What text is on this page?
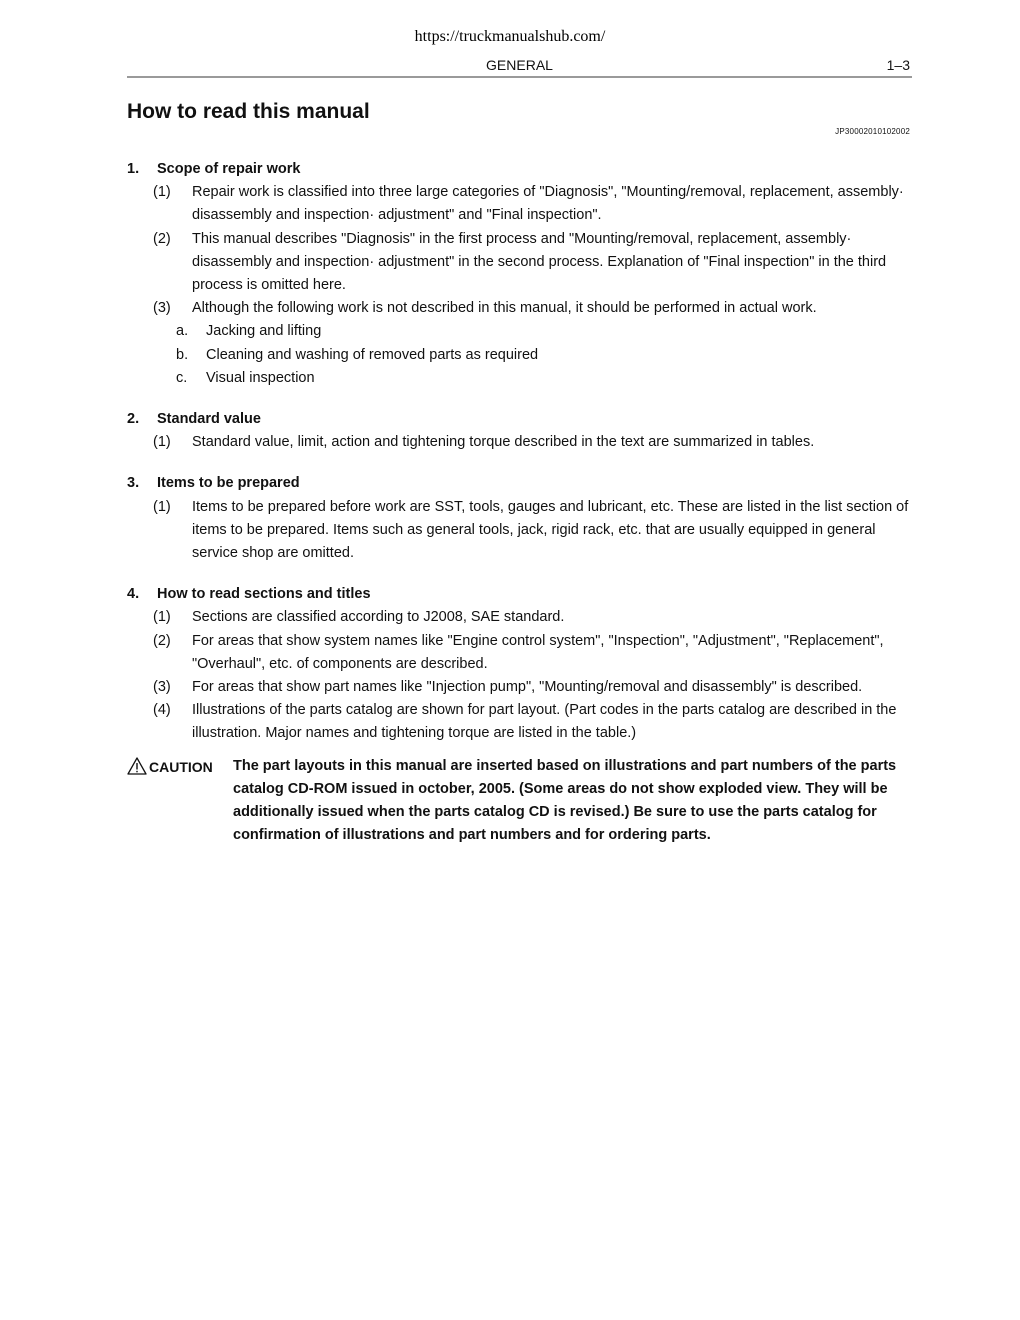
https://truckmanualshub.com/
GENERAL	1–3
How to read this manual
JP30002010102002
1.	Scope of repair work
(1)	Repair work is classified into three large categories of "Diagnosis", "Mounting/removal, replacement, assembly· disassembly and inspection· adjustment" and "Final inspection".
(2)	This manual describes "Diagnosis" in the first process and "Mounting/removal, replacement, assembly· disassembly and inspection· adjustment" in the second process. Explanation of "Final inspection" in the third process is omitted here.
(3)	Although the following work is not described in this manual, it should be performed in actual work.
a.	Jacking and lifting
b.	Cleaning and washing of removed parts as required
c.	Visual inspection
2.	Standard value
(1)	Standard value, limit, action and tightening torque described in the text are summarized in tables.
3.	Items to be prepared
(1)	Items to be prepared before work are SST, tools, gauges and lubricant, etc. These are listed in the list section of items to be prepared. Items such as general tools, jack, rigid rack, etc. that are usually equipped in general service shop are omitted.
4.	How to read sections and titles
(1)	Sections are classified according to J2008, SAE standard.
(2)	For areas that show system names like "Engine control system", "Inspection", "Adjustment", "Replacement", "Overhaul", etc. of components are described.
(3)	For areas that show part names like "Injection pump", "Mounting/removal and disassembly" is described.
(4)	Illustrations of the parts catalog are shown for part layout. (Part codes in the parts catalog are described in the illustration. Major names and tightening torque are listed in the table.)
CAUTION The part layouts in this manual are inserted based on illustrations and part numbers of the parts catalog CD-ROM issued in october, 2005. (Some areas do not show exploded view. They will be additionally issued when the parts catalog CD is revised.) Be sure to use the parts catalog for confirmation of illustrations and part numbers and for ordering parts.
